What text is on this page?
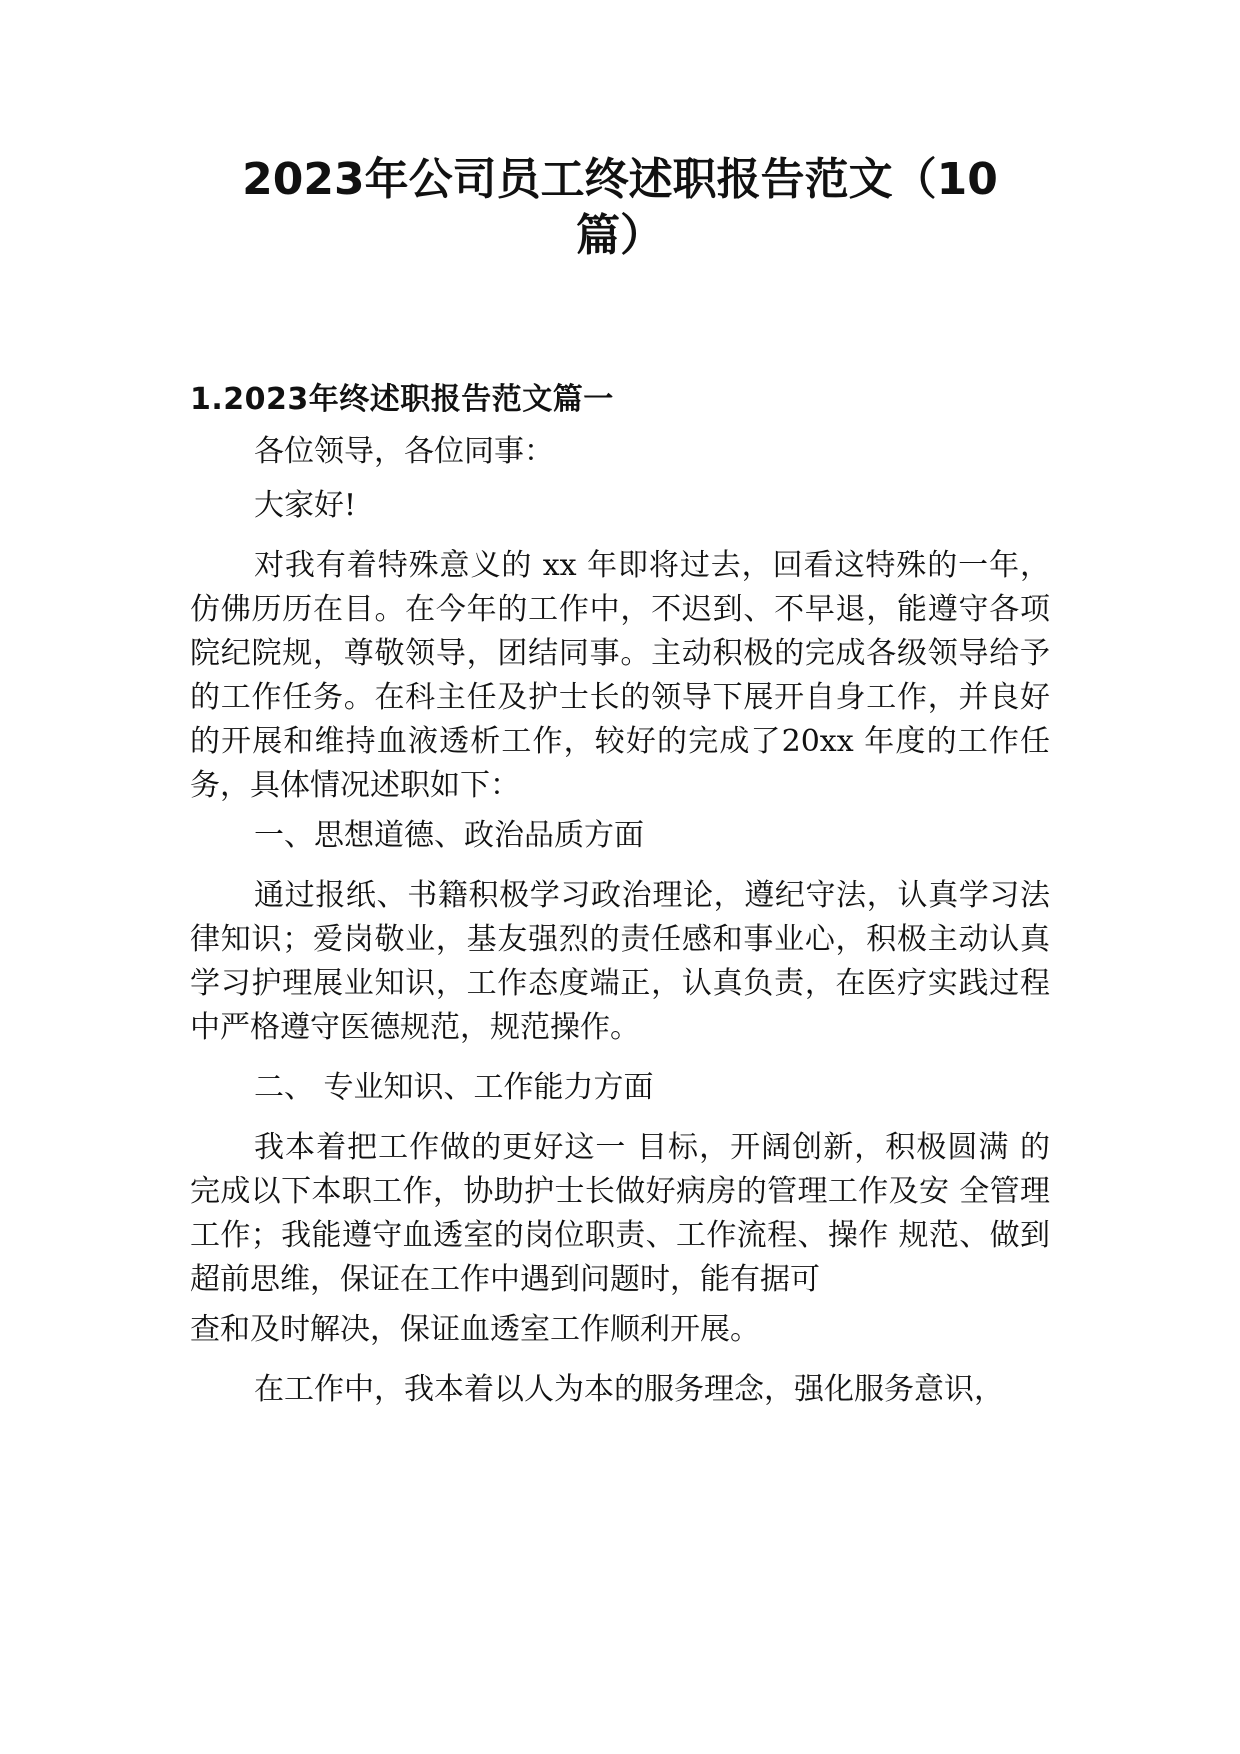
2023年公司员工终述职报告范文（10
篇）
1.2023年终述职报告范文篇一

各位领导，各位同事：

大家好!

对我有着特殊意义的 xx 年即将过去，回看这特殊的一年，仿佛历历在目。在今年的工作中，不迟到、不早退，能遵守各项院纪院规，尊敬领导，团结同事。主动积极的完成各级领导给予的工作任务。在科主任及护士长的领导下展开自身工作，并良好的开展和维持血液透析工作，较好的完成了20xx 年度的工作任务，具体情况述职如下：

一、思想道德、政治品质方面

通过报纸、书籍积极学习政治理论，遵纪守法，认真学习法律知识；爱岗敬业，基友强烈的责任感和事业心，积极主动认真学习护理展业知识，工作态度端正，认真负责，在医疗实践过程中严格遵守医德规范，规范操作。

二、 专业知识、工作能力方面

我本着把工作做的更好这一 目标，开阔创新，积极圆满 的完成以下本职工作，协助护士长做好病房的管理工作及安 全管理工作；我能遵守血透室的岗位职责、工作流程、操作 规范、做到超前思维，保证在工作中遇到问题时，能有据可

查和及时解决，保证血透室工作顺利开展。

在工作中，我本着以人为本的服务理念，强化服务意识，
